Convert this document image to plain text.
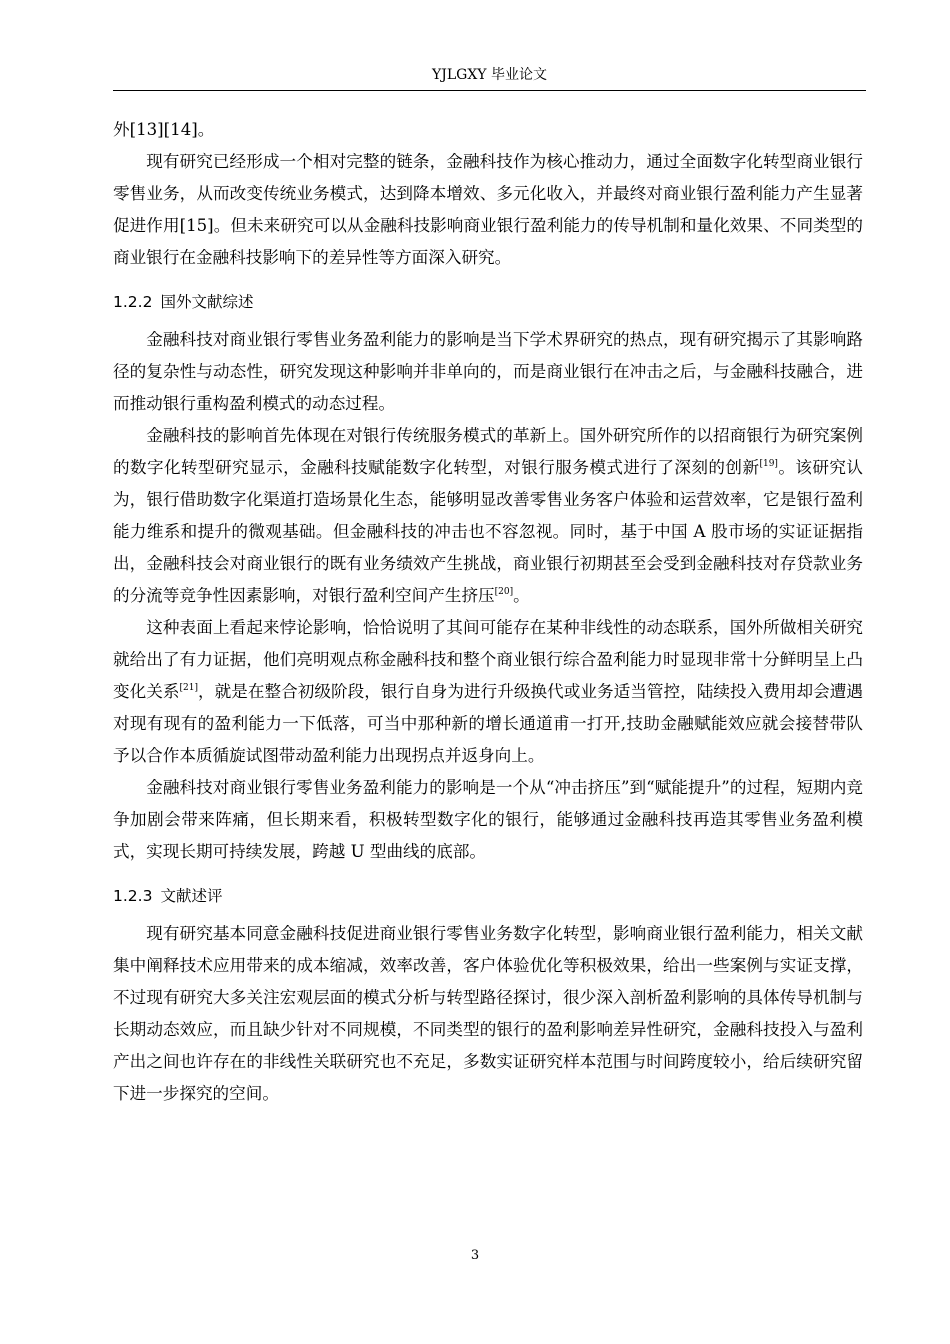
YJLGXY 毕业论文

外[13][14]。

现有研究已经形成一个相对完整的链条，金融科技作为核心推动力，通过全面数字化转型商业银行零售业务，从而改变传统业务模式，达到降本增效、多元化收入，并最终对商业银行盈利能力产生显著促进作用[15]。但未来研究可以从金融科技影响商业银行盈利能力的传导机制和量化效果、不同类型的商业银行在金融科技影响下的差异性等方面深入研究。

1.2.2 国外文献综述

金融科技对商业银行零售业务盈利能力的影响是当下学术界研究的热点，现有研究揭示了其影响路径的复杂性与动态性，研究发现这种影响并非单向的，而是商业银行在冲击之后，与金融科技融合，进而推动银行重构盈利模式的动态过程。

金融科技的影响首先体现在对银行传统服务模式的革新上。国外研究所作的以招商银行为研究案例的数字化转型研究显示，金融科技赋能数字化转型，对银行服务模式进行了深刻的创新[19]。该研究认为，银行借助数字化渠道打造场景化生态，能够明显改善零售业务客户体验和运营效率，它是银行盈利能力维系和提升的微观基础。但金融科技的冲击也不容忽视。同时，基于中国 A 股市场的实证证据指出，金融科技会对商业银行的既有业务绩效产生挑战，商业银行初期甚至会受到金融科技对存贷款业务的分流等竞争性因素影响，对银行盈利空间产生挤压[20]。

这种表面上看起来悖论影响，恰恰说明了其间可能存在某种非线性的动态联系，国外所做相关研究就给出了有力证据，他们亮明观点称金融科技和整个商业银行综合盈利能力时显现非常十分鲜明呈上凸变化关系[21]，就是在整合初级阶段，银行自身为进行升级换代或业务适当管控，陆续投入费用却会遭遇对现有现有的盈利能力一下低落，可当中那种新的增长通道甫一打开,技助金融赋能效应就会接替带队予以合作本质循旋试图带动盈利能力出现拐点并返身向上。

金融科技对商业银行零售业务盈利能力的影响是一个从“冲击挤压”到“赋能提升”的过程，短期内竞争加剧会带来阵痛，但长期来看，积极转型数字化的银行，能够通过金融科技再造其零售业务盈利模式，实现长期可持续发展，跨越 U 型曲线的底部。

1.2.3 文献述评

现有研究基本同意金融科技促进商业银行零售业务数字化转型，影响商业银行盈利能力，相关文献集中阐释技术应用带来的成本缩减，效率改善，客户体验优化等积极效果，给出一些案例与实证支撑，不过现有研究大多关注宏观层面的模式分析与转型路径探讨，很少深入剖析盈利影响的具体传导机制与长期动态效应，而且缺少针对不同规模，不同类型的银行的盈利影响差异性研究，金融科技投入与盈利产出之间也许存在的非线性关联研究也不充足，多数实证研究样本范围与时间跨度较小，给后续研究留下进一步探究的空间。

3
